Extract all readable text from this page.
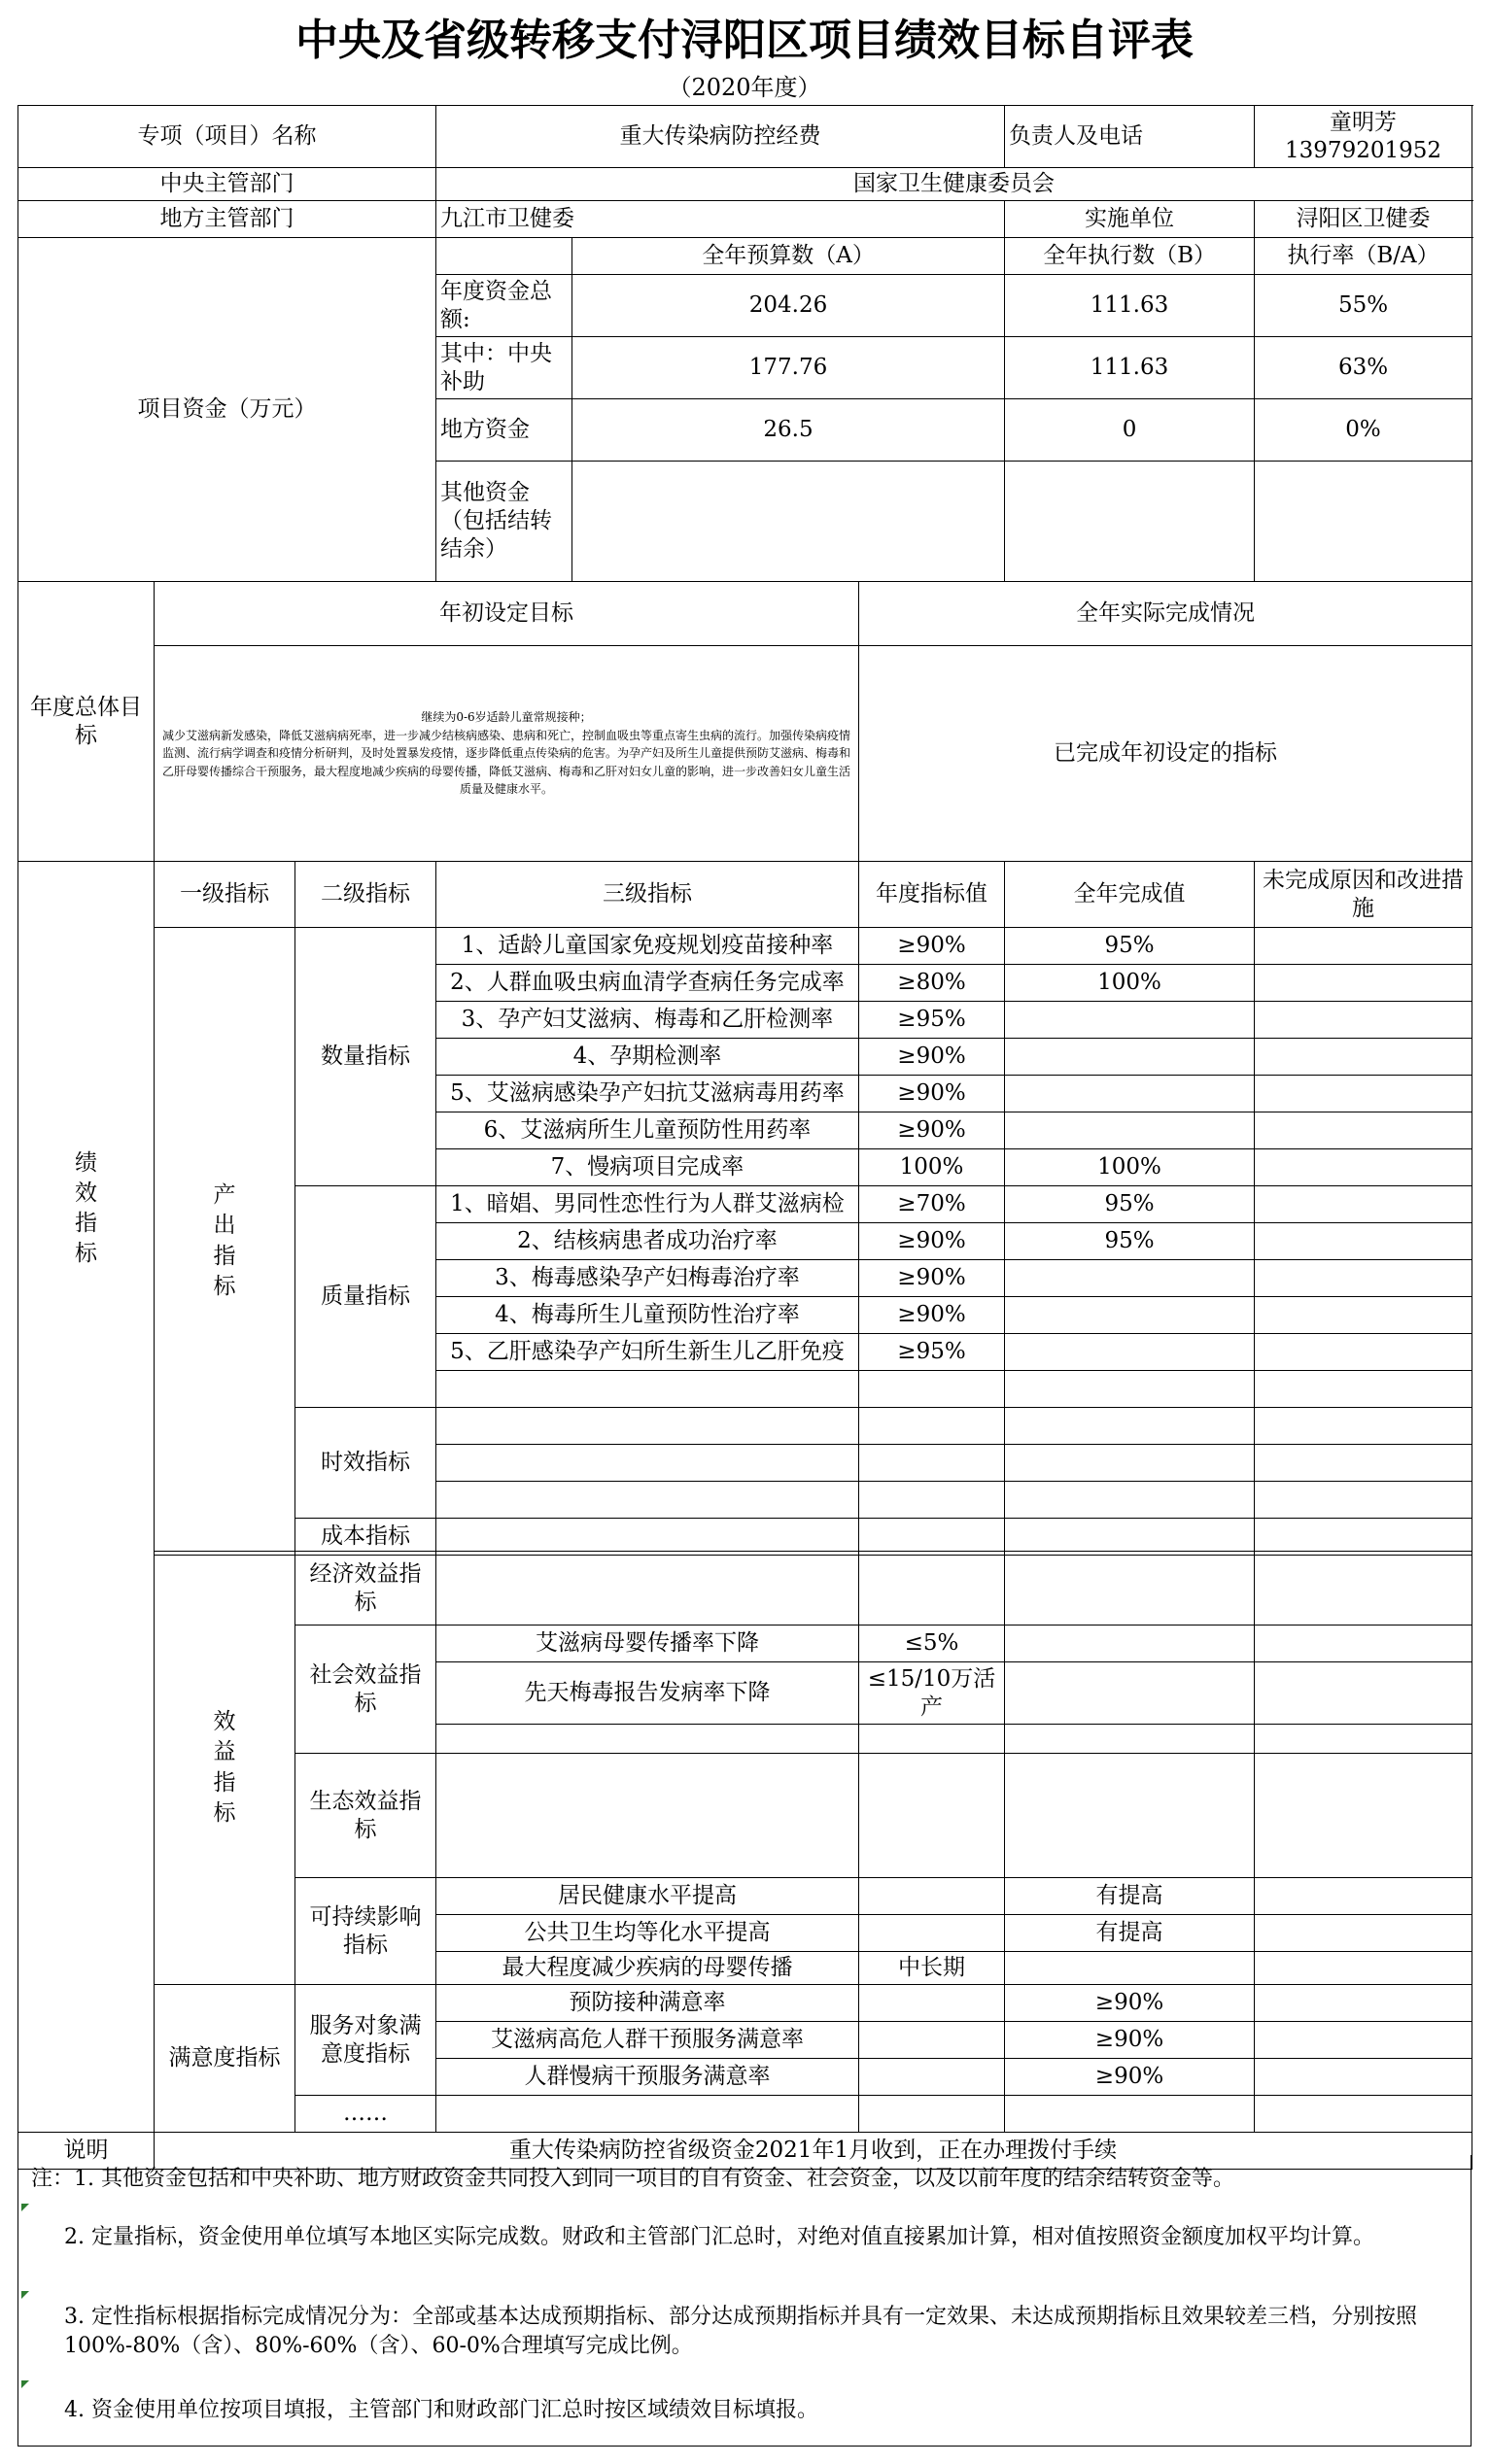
中央及省级转移支付浔阳区项目绩效目标自评表
（2020年度）
专项（项目）名称	重大传染病防控经费	负责人及电话	童明芳13979201952
中央主管部门	国家卫生健康委员会		
地方主管部门	九江市卫健委	实施单位	浔阳区卫健委
项目资金（万元）			全年预算数（A）		全年执行数（B）	执行率（B/A）
		年度资金总额:	204.26		111.63	55%
		其中：中央补助	177.76		111.63	63%
		地方资金	26.5		0	0%
		其他资金（包括结转结余）				
年度总体目标	年初设定目标			全年实际完成情况		
	继续为0-6岁适龄儿童常规接种；
减少艾滋病新发感染，降低艾滋病病死率，进一步减少结核病感染、患病和死亡，控制血吸虫等重点寄生虫病的流行。加强传染病疫情监测、流行病学调查和疫情分析研判，及时处置暴发疫情，逐步降低重点传染病的危害。为孕产妇及所生儿童提供预防艾滋病、梅毒和乙肝母婴传播综合干预服务，最大程度地减少疾病的母婴传播，降低艾滋病、梅毒和乙肝对妇女儿童的影响，进一步改善妇女儿童生活质量及健康水平。			已完成年初设定的指标		
绩效指标	一级指标	二级指标	三级指标	年度指标值	全年完成值	未完成原因和改进措施
	产出指标	数量指标	1、适龄儿童国家免疫规划疫苗接种率	≥90%	95%	
			2、人群血吸虫病血清学查病任务完成率	≥80%	100%	
			3、孕产妇艾滋病、梅毒和乙肝检测率	≥95%		
			4、孕期检测率	≥90%		
			5、艾滋病感染孕产妇抗艾滋病毒用药率	≥90%		
			6、艾滋病所生儿童预防性用药率	≥90%		
			7、慢病项目完成率	100%	100%	
		质量指标	1、暗娼、男同性恋性行为人群艾滋病检	≥70%	95%	
			2、结核病患者成功治疗率	≥90%	95%	
			3、梅毒感染孕产妇梅毒治疗率	≥90%		
			4、梅毒所生儿童预防性治疗率	≥90%		
			5、乙肝感染孕产妇所生新生儿乙肝免疫	≥95%		

		时效指标				

		成本指标				
	效益指标	经济效益指标				
		社会效益指标	艾滋病母婴传播率下降	≤5%		
			先天梅毒报告发病率下降	≤15/10万活产		

		生态效益指标				
		可持续影响指标	居民健康水平提高		有提高	
			公共卫生均等化水平提高		有提高	
			最大程度减少疾病的母婴传播	中长期		
	满意度指标	服务对象满意度指标	预防接种满意率		≥90%	
			艾滋病高危人群干预服务满意率		≥90%	
			人群慢病干预服务满意率		≥90%	
		……				
说明	重大传染病防控省级资金2021年1月收到，正在办理拨付手续					
注：1. 其他资金包括和中央补助、地方财政资金共同投入到同一项目的自有资金、社会资金，以及以前年度的结余结转资金等。
2. 定量指标，资金使用单位填写本地区实际完成数。财政和主管部门汇总时，对绝对值直接累加计算，相对值按照资金额度加权平均计算。
3. 定性指标根据指标完成情况分为：全部或基本达成预期指标、部分达成预期指标并具有一定效果、未达成预期指标且效果较差三档，分别按照100%-80%（含）、80%-60%（含）、60-0%合理填写完成比例。
4. 资金使用单位按项目填报，主管部门和财政部门汇总时按区域绩效目标填报。
